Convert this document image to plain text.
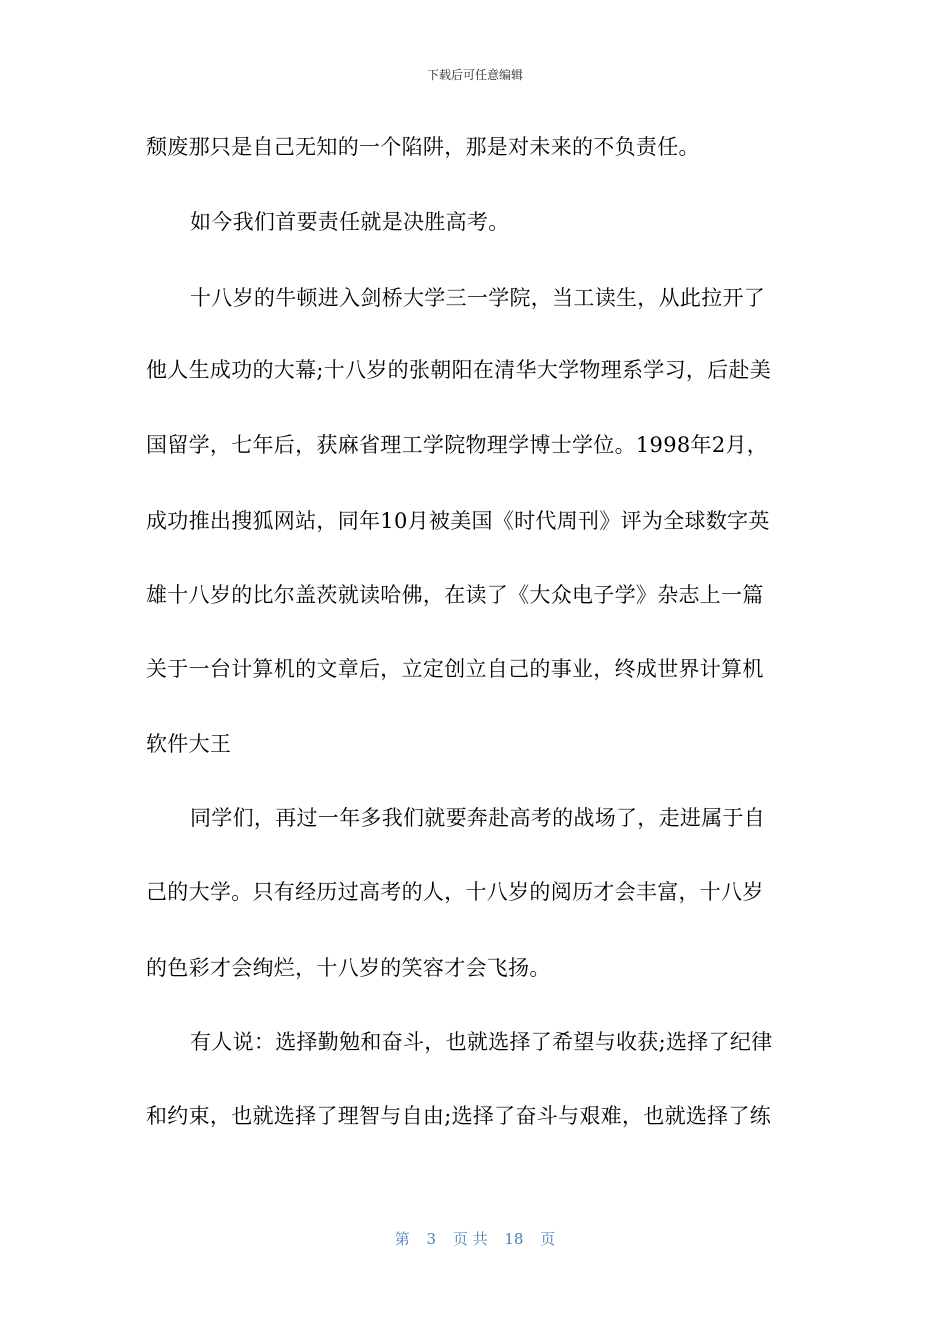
下载后可任意编辑
颓废那只是自己无知的一个陷阱，那是对未来的不负责任。
如今我们首要责任就是决胜高考。
十八岁的牛顿进入剑桥大学三一学院，当工读生，从此拉开了
他人生成功的大幕;十八岁的张朝阳在清华大学物理系学习，后赴美
国留学，七年后，获麻省理工学院物理学博士学位。1998年2月，
成功推出搜狐网站，同年10月被美国《时代周刊》评为全球数字英
雄十八岁的比尔盖茨就读哈佛，在读了《大众电子学》杂志上一篇
关于一台计算机的文章后，立定创立自己的事业，终成世界计算机
软件大王
同学们，再过一年多我们就要奔赴高考的战场了，走进属于自
己的大学。只有经历过高考的人，十八岁的阅历才会丰富，十八岁
的色彩才会绚烂，十八岁的笑容才会飞扬。
有人说：选择勤勉和奋斗，也就选择了希望与收获;选择了纪律
和约束，也就选择了理智与自由;选择了奋斗与艰难，也就选择了练
第 3 页 共 18 页
